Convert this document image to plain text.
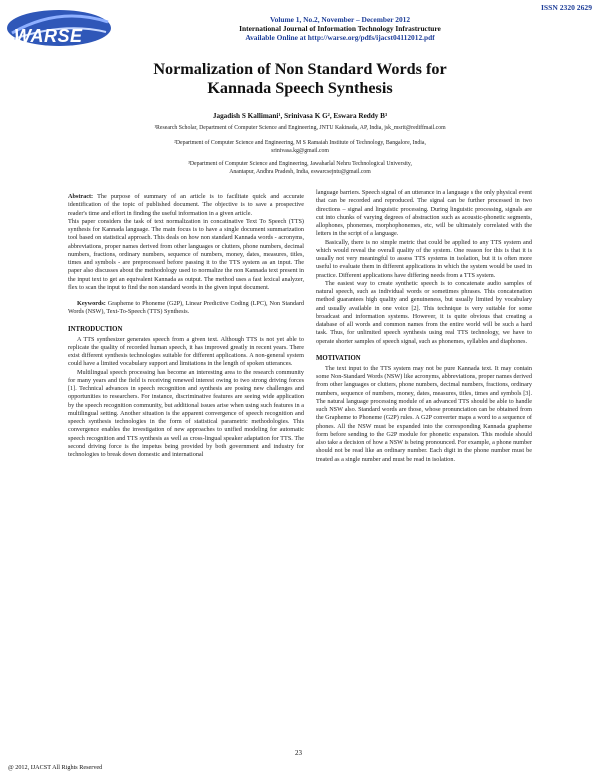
ISSN 2320 2629
WARSE
Volume 1, No.2, November – December 2012
International Journal of Information Technology Infrastructure
Available Online at http://warse.org/pdfs/ijacst04112012.pdf
Normalization of Non Standard Words for
Kannada Speech Synthesis
Jagadish S Kallimani¹, Srinivasa K G², Eswara Reddy B³
¹Research Scholar, Department of Computer Science and Engineering, JNTU Kakinada, AP, India, jsk_msrit@rediffmail.com
²Department of Computer Science and Engineering, M S Ramaiah Institute of Technology, Bangalore, India,
srinivasa.kg@gmail.com
³Department of Computer Science and Engineering, Jawaharlal Nehru Technological University,
Anantapur, Andhra Pradesh, India, eswarcsejntu@gmail.com

Abstract: The purpose of summary of an article is to facilitate quick and accurate identification of the topic of published document. The objective is to save a prospective reader's time and effort in finding the useful information in a given article.

This paper considers the task of text normalization in concatinative Text To Speech (TTS) synthesis for Kannada language. The main focus is to have a single document summarization tool based on statistical approach. This deals on how non standard Kannada words - acronyms, abbreviations, proper names derived from other languages or clutters, phone numbers, decimal numbers, fractions, ordinary numbers, sequence of numbers, money, dates, measures, titles, times and symbols - are preprocessed before passing it to the TTS system as an input. The paper also discusses about the methodology used to normalize the non Kannada text present in the input text to get an equivalent Kannada as output. The method uses a fast lexical analyzer, flex to scan the input to find the non standard words in the given input document.

Keywords: Grapheme to Phoneme (G2P), Linear Predictive Coding (LPC), Non Standard Words (NSW), Text-To-Speech (TTS) Synthesis.

INTRODUCTION

A TTS synthesizer generates speech from a given text. Although TTS is not yet able to replicate the quality of recorded human speech, it has improved greatly in recent years. There exist different synthesis technologies suitable for different applications. A non-general system could have a limited vocabulary support and limitations in the length of spoken utterances.

Multilingual speech processing has become an interesting area to the research community for many years and the field is receiving renewed interest owing to two strong driving forces [1]. Technical advances in speech recognition and synthesis are posing new challenges and opportunities to researchers. For instance, discriminative features are seeing wide application by the speech recognition community, but additional issues arise when using such features in a multilingual setting. Another situation is the apparent convergence of speech recognition and speech synthesis technologies in the form of statistical parametric methodologies. This convergence enables the investigation of new approaches to unified modeling for automatic speech recognition and TTS synthesis as well as cross-lingual speaker adaptation for TTS. The second driving force is the impetus being provided by both government and industry for technologies to break down domestic and international

language barriers. Speech signal of an utterance in a language s the only physical event that can be recorded and reproduced. The signal can be further processed in two directions – signal and linguistic processing. During linguistic processing, signals are cut into chunks of varying degrees of abstraction such as acoustic-phonetic segments, allophones, phonemes, morphophonemes, etc, will be ultimately correlated with the letters in the script of a language.

Basically, there is no simple metric that could be applied to any TTS system and which would reveal the overall quality of the system. One reason for this is that it is usually not very meaningful to assess TTS systems in isolation, but it is often more useful to evaluate them in different applications in which the system would be used in practice. Different applications have differing needs from a TTS system.

The easiest way to create synthetic speech is to concatenate audio samples of natural speech, such as individual words or sometimes phrases. This concatenation method guarantees high quality and genuineness, but usually limited by vocabulary and usually available in one voice [2]. This technique is very suitable for some broadcast and information systems. However, it is quite obvious that creating a database of all words and common names from the entire world will be such a hard task. Thus, for unlimited speech synthesis using real TTS technology, we have to operate shorter samples of speech signal, such as phonemes, syllables and diaphones.

MOTIVATION

The text input to the TTS system may not be pure Kannada text. It may contain some Non-Standard Words (NSW) like acronyms, abbreviations, proper names derived from other languages or clutters, phone numbers, decimal numbers, fractions, ordinary numbers, sequence of numbers, money, dates, measures, titles, times and symbols [3]. The natural language processing module of an advanced TTS should be able to handle such NSW also. Standard words are those, whose pronunciation can be obtained from the Grapheme to Phoneme (G2P) rules. A G2P converter maps a word to a sequence of phones. All the NSW must be expanded into the corresponding Kannada grapheme form before sending to the G2P module for phonetic expansion. This module should also take a decision of how a NSW is being pronounced. For example, a phone number should not be read like an ordinary number. Each digit in the phone number must be treated as a single number and must be read in isolation.

23
@ 2012, IJACST All Rights Reserved
